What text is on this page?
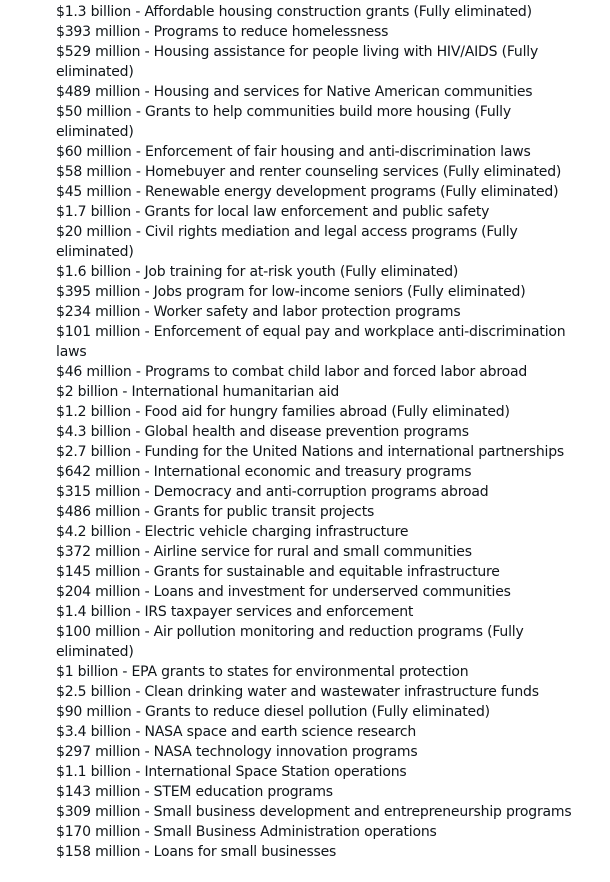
$1.3 billion - Affordable housing construction grants (Fully eliminated)
$393 million - Programs to reduce homelessness
$529 million - Housing assistance for people living with HIV/AIDS (Fully eliminated)
$489 million - Housing and services for Native American communities
$50 million - Grants to help communities build more housing (Fully eliminated)
$60 million - Enforcement of fair housing and anti-discrimination laws
$58 million - Homebuyer and renter counseling services (Fully eliminated)
$45 million - Renewable energy development programs (Fully eliminated)
$1.7 billion - Grants for local law enforcement and public safety
$20 million - Civil rights mediation and legal access programs (Fully eliminated)
$1.6 billion - Job training for at-risk youth (Fully eliminated)
$395 million - Jobs program for low-income seniors (Fully eliminated)
$234 million - Worker safety and labor protection programs
$101 million - Enforcement of equal pay and workplace anti-discrimination laws
$46 million - Programs to combat child labor and forced labor abroad
$2 billion - International humanitarian aid
$1.2 billion - Food aid for hungry families abroad (Fully eliminated)
$4.3 billion - Global health and disease prevention programs
$2.7 billion - Funding for the United Nations and international partnerships
$642 million - International economic and treasury programs
$315 million - Democracy and anti-corruption programs abroad
$486 million - Grants for public transit projects
$4.2 billion - Electric vehicle charging infrastructure
$372 million - Airline service for rural and small communities
$145 million - Grants for sustainable and equitable infrastructure
$204 million - Loans and investment for underserved communities
$1.4 billion - IRS taxpayer services and enforcement
$100 million - Air pollution monitoring and reduction programs (Fully eliminated)
$1 billion - EPA grants to states for environmental protection
$2.5 billion - Clean drinking water and wastewater infrastructure funds
$90 million - Grants to reduce diesel pollution (Fully eliminated)
$3.4 billion - NASA space and earth science research
$297 million - NASA technology innovation programs
$1.1 billion - International Space Station operations
$143 million - STEM education programs
$309 million - Small business development and entrepreneurship programs
$170 million - Small Business Administration operations
$158 million - Loans for small businesses
